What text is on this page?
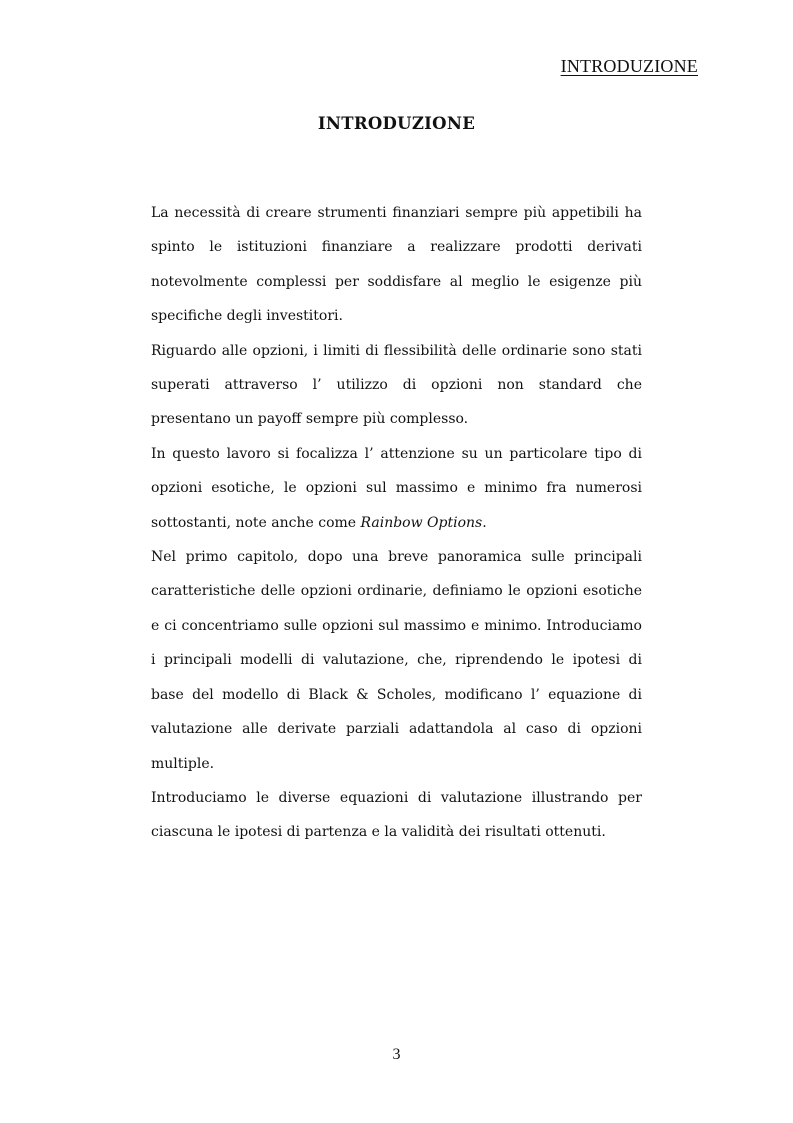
INTRODUZIONE
INTRODUZIONE

La necessità di creare strumenti finanziari sempre più appetibili ha spinto le istituzioni finanziare a realizzare prodotti derivati notevolmente complessi per soddisfare al meglio le esigenze più specifiche degli investitori.

Riguardo alle opzioni, i limiti di flessibilità delle ordinarie sono stati superati attraverso l’ utilizzo di opzioni non standard che presentano un payoff sempre più complesso.

In questo lavoro si focalizza l’ attenzione su un particolare tipo di opzioni esotiche, le opzioni sul massimo e minimo fra numerosi sottostanti, note anche come Rainbow Options.

Nel primo capitolo, dopo una breve panoramica sulle principali caratteristiche delle opzioni ordinarie, definiamo le opzioni esotiche e ci concentriamo sulle opzioni sul massimo e minimo. Introduciamo i principali modelli di valutazione, che, riprendendo le ipotesi di base del modello di Black & Scholes, modificano l’ equazione di valutazione alle derivate parziali adattandola al caso di opzioni multiple.

Introduciamo le diverse equazioni di valutazione illustrando per ciascuna le ipotesi di partenza e la validità dei risultati ottenuti.

3
